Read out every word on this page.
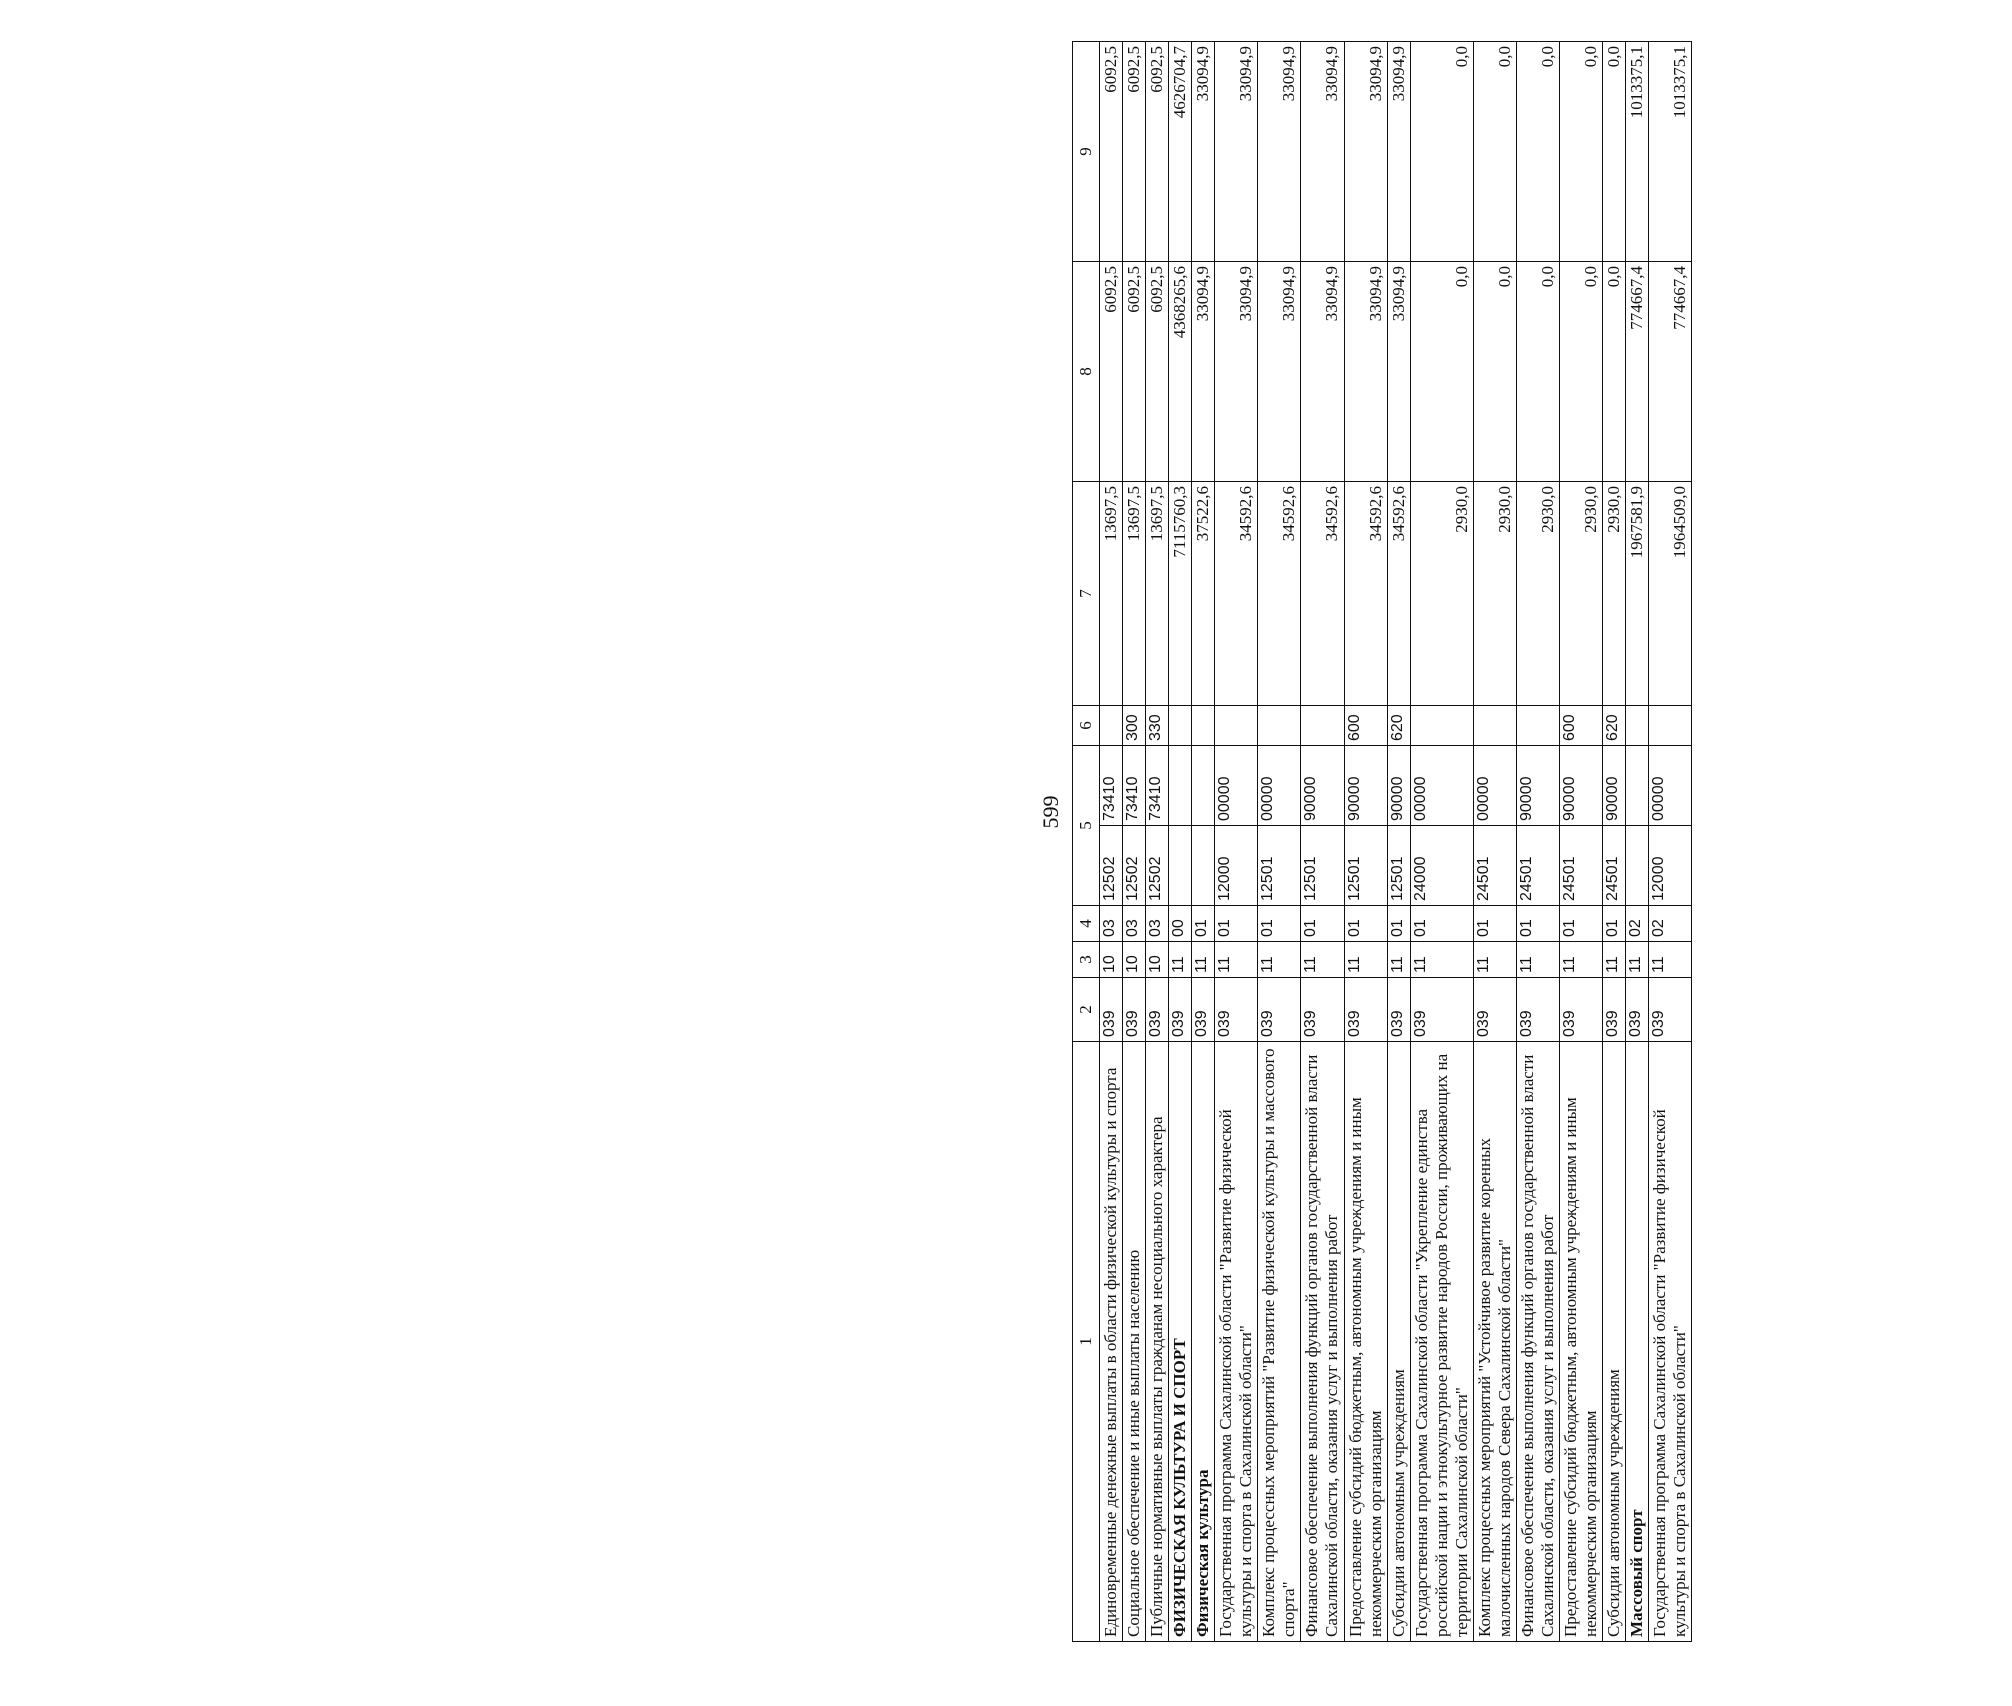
599
1	2	3	4	5		6	7	8	9
Единовременные денежные выплаты в области физической культуры и спорта	039	10	03	12502	73410		13697,5	6092,5	6092,5
Социальное обеспечение и иные выплаты населению	039	10	03	12502	73410	300	13697,5	6092,5	6092,5
Публичные нормативные выплаты гражданам несоциального характера	039	10	03	12502	73410	330	13697,5	6092,5	6092,5
ФИЗИЧЕСКАЯ КУЛЬТУРА И СПОРТ	039	11	00				7115760,3	4368265,6	4626704,7
Физическая культура	039	11	01				37522,6	33094,9	33094,9
Государственная программа Сахалинской области "Развитие физической культуры и спорта в Сахалинской области"	039	11	01	12000	00000		34592,6	33094,9	33094,9
Комплекс процессных мероприятий "Развитие физической культуры и массового спорта"	039	11	01	12501	00000		34592,6	33094,9	33094,9
Финансовое обеспечение выполнения функций органов государственной власти Сахалинской области, оказания услуг и выполнения работ	039	11	01	12501	90000		34592,6	33094,9	33094,9
Предоставление субсидий бюджетным, автономным учреждениям и иным некоммерческим организациям	039	11	01	12501	90000	600	34592,6	33094,9	33094,9
Субсидии автономным учреждениям	039	11	01	12501	90000	620	34592,6	33094,9	33094,9
Государственная программа Сахалинской области "Укрепление единства российской нации и этнокультурное развитие народов России, проживающих на территории Сахалинской области"	039	11	01	24000	00000		2930,0	0,0	0,0
Комплекс процессных мероприятий "Устойчивое развитие коренных малочисленных народов Севера Сахалинской области"	039	11	01	24501	00000		2930,0	0,0	0,0
Финансовое обеспечение выполнения функций органов государственной власти Сахалинской области, оказания услуг и выполнения работ	039	11	01	24501	90000		2930,0	0,0	0,0
Предоставление субсидий бюджетным, автономным учреждениям и иным некоммерческим организациям	039	11	01	24501	90000	600	2930,0	0,0	0,0
Субсидии автономным учреждениям	039	11	01	24501	90000	620	2930,0	0,0	0,0
Массовый спорт	039	11	02				1967581,9	774667,4	1013375,1
Государственная программа Сахалинской области "Развитие физической культуры и спорта в Сахалинской области"	039	11	02	12000	00000		1964509,0	774667,4	1013375,1
